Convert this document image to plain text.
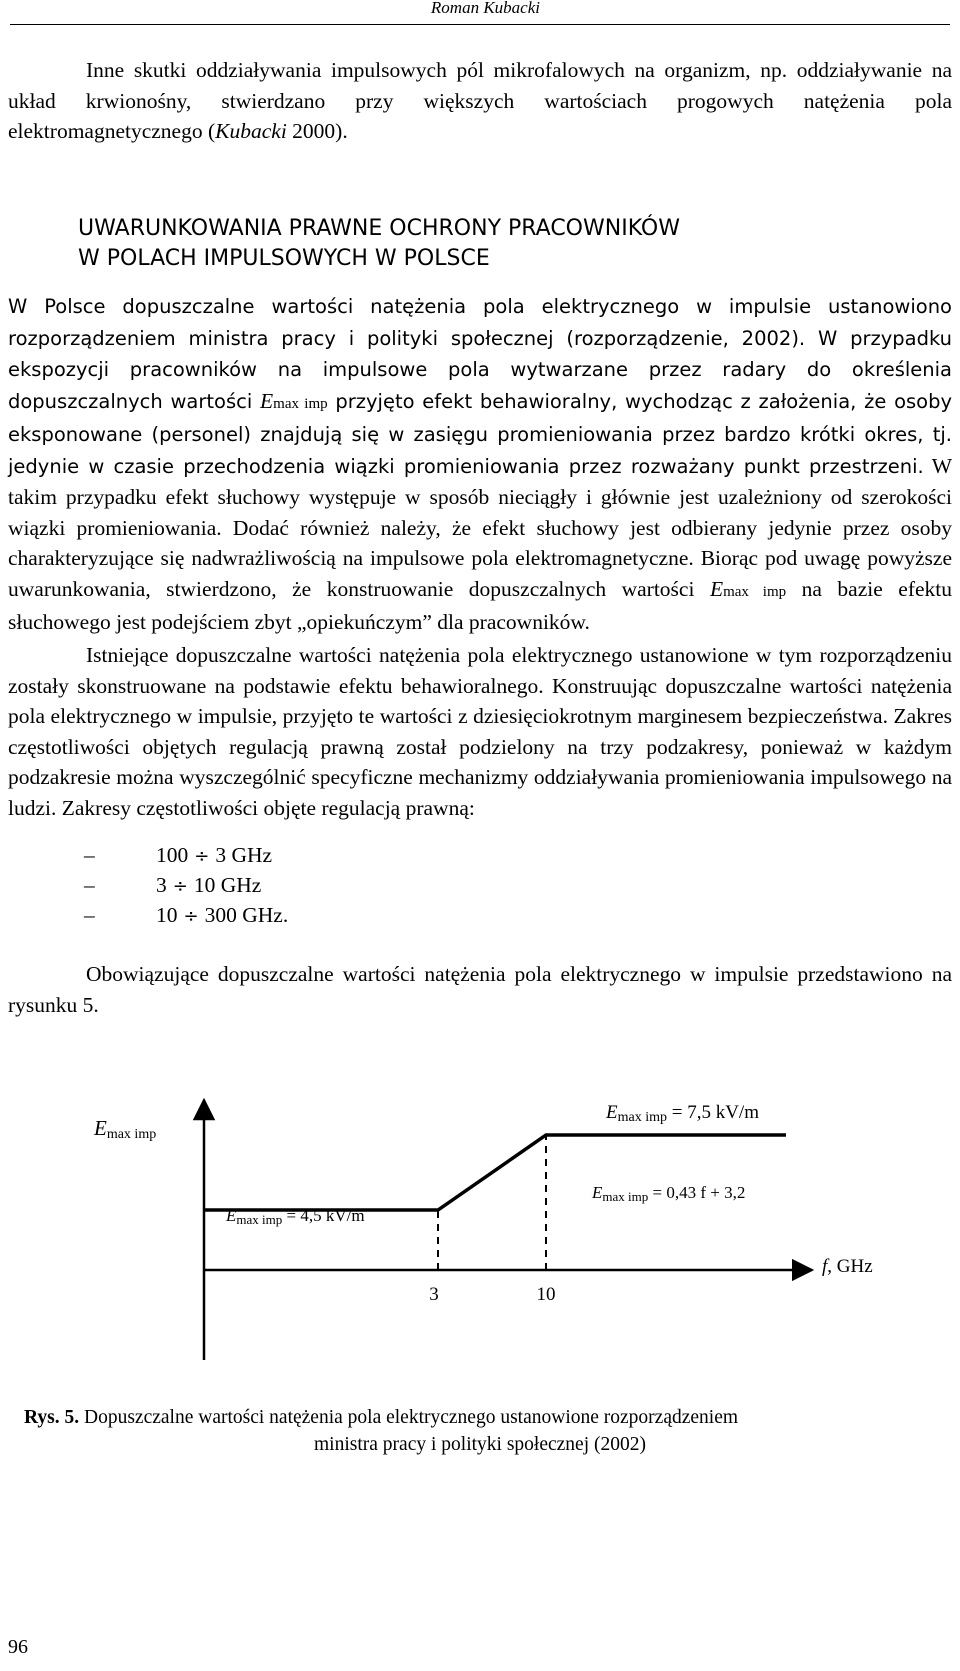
Roman Kubacki

Inne skutki oddziaływania impulsowych pól mikrofalowych na organizm, np. oddziaływanie na układ krwionośny, stwierdzano przy większych wartościach progowych natężenia pola elektromagnetycznego (Kubacki 2000).

UWARUNKOWANIA PRAWNE OCHRONY PRACOWNIKÓW
W POLACH IMPULSOWYCH W POLSCE

W Polsce dopuszczalne wartości natężenia pola elektrycznego w impulsie ustanowiono rozporządzeniem ministra pracy i polityki społecznej (rozporządzenie, 2002). W przypadku ekspozycji pracowników na impulsowe pola wytwarzane przez radary do określenia dopuszczalnych wartości Emax imp przyjęto efekt behawioralny, wychodząc z założenia, że osoby eksponowane (personel) znajdują się w zasięgu promieniowania przez bardzo krótki okres, tj. jedynie w czasie przechodzenia wiązki promieniowania przez rozważany punkt przestrzeni. W takim przypadku efekt słuchowy występuje w sposób nieciągły i głównie jest uzależniony od szerokości wiązki promieniowania. Dodać również należy, że efekt słuchowy jest odbierany jedynie przez osoby charakteryzujące się nadwrażliwością na impulsowe pola elektromagnetyczne. Biorąc pod uwagę powyższe uwarunkowania, stwierdzono, że konstruowanie dopuszczalnych wartości Emax imp na bazie efektu słuchowego jest podejściem zbyt „opiekuńczym” dla pracowników.

Istniejące dopuszczalne wartości natężenia pola elektrycznego ustanowione w tym rozporządzeniu zostały skonstruowane na podstawie efektu behawioralnego. Konstruując dopuszczalne wartości natężenia pola elektrycznego w impulsie, przyjęto te wartości z dziesięciokrotnym marginesem bezpieczeństwa. Zakres częstotliwości objętych regulacją prawną został podzielony na trzy podzakresy, ponieważ w każdym podzakresie można wyszczególnić specyficzne mechanizmy oddziaływania promieniowania impulsowego na ludzi. Zakresy częstotliwości objęte regulacją prawną:

–	100 ÷ 3 GHz
–	3 ÷ 10 GHz
–	10 ÷ 300 GHz.

Obowiązujące dopuszczalne wartości natężenia pola elektrycznego w impulsie przedstawiono na rysunku 5.

3	10
Emax imp
f, GHz
Emax imp = 4,5 kV/m
Emax imp = 0,43 f + 3,2
Emax imp = 7,5 kV/m
Rys. 5. Dopuszczalne wartości natężenia pola elektrycznego ustanowione rozporządzeniem
ministra pracy i polityki społecznej (2002)
96
